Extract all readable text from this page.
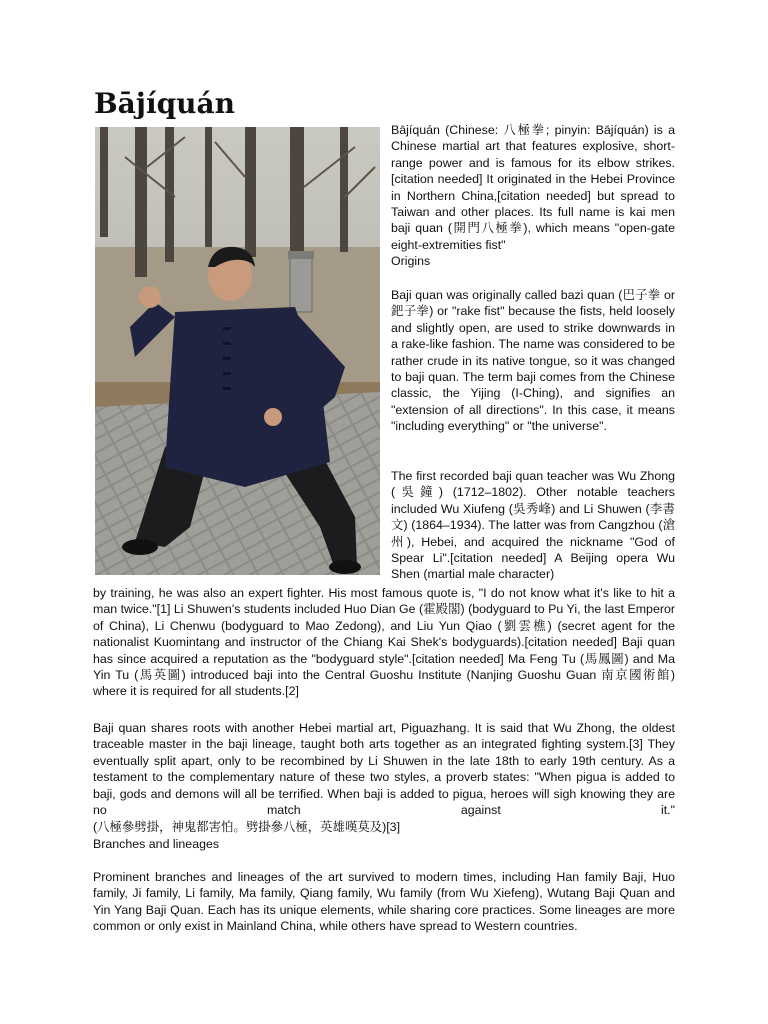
Bājíquán

Bājíquán (Chinese: 八極拳; pinyin: Bājíquán) is a Chinese martial art that features explosive, short-range power and is famous for its elbow strikes.[citation needed] It originated in the Hebei Province in Northern China,[citation needed] but spread to Taiwan and other places. Its full name is kai men baji quan (開門八極拳), which means "open-gate eight-extremities fist"

Origins

Baji quan was originally called bazi quan (巴子拳 or 鈀子拳) or "rake fist" because the fists, held loosely and slightly open, are used to strike downwards in a rake-like fashion. The name was considered to be rather crude in its native tongue, so it was changed to baji quan. The term baji comes from the Chinese classic, the Yijing (I-Ching), and signifies an "extension of all directions". In this case, it means "including everything" or "the universe".

The first recorded baji quan teacher was Wu Zhong (吳鐘) (1712–1802). Other notable teachers included Wu Xiufeng (吳秀峰) and Li Shuwen (李書文) (1864–1934). The latter was from Cangzhou (滄州), Hebei, and acquired the nickname "God of Spear Li".[citation needed] A Beijing opera Wu Shen (martial male character)

by training, he was also an expert fighter. His most famous quote is, "I do not know what it's like to hit a man twice."[1] Li Shuwen's students included Huo Dian Ge (霍殿閣) (bodyguard to Pu Yi, the last Emperor of China), Li Chenwu (bodyguard to Mao Zedong), and Liu Yun Qiao (劉雲樵) (secret agent for the nationalist Kuomintang and instructor of the Chiang Kai Shek's bodyguards).[citation needed] Baji quan has since acquired a reputation as the "bodyguard style".[citation needed] Ma Feng Tu (馬鳳圖) and Ma Yin Tu (馬英圖) introduced baji into the Central Guoshu Institute (Nanjing Guoshu Guan 南京國術館) where it is required for all students.[2]

Baji quan shares roots with another Hebei martial art, Piguazhang. It is said that Wu Zhong, the oldest traceable master in the baji lineage, taught both arts together as an integrated fighting system.[3] They eventually split apart, only to be recombined by Li Shuwen in the late 18th to early 19th century. As a testament to the complementary nature of these two styles, a proverb states: "When pigua is added to baji, gods and demons will all be terrified. When baji is added to pigua, heroes will sigh knowing they are no match against it."

(八極參劈掛，神鬼都害怕。劈掛參八極，英雄嘆莫及)[3]

Branches and lineages

Prominent branches and lineages of the art survived to modern times, including Han family Baji, Huo family, Ji family, Li family, Ma family, Qiang family, Wu family (from Wu Xiefeng), Wutang Baji Quan and Yin Yang Baji Quan. Each has its unique elements, while sharing core practices. Some lineages are more common or only exist in Mainland China, while others have spread to Western countries.
